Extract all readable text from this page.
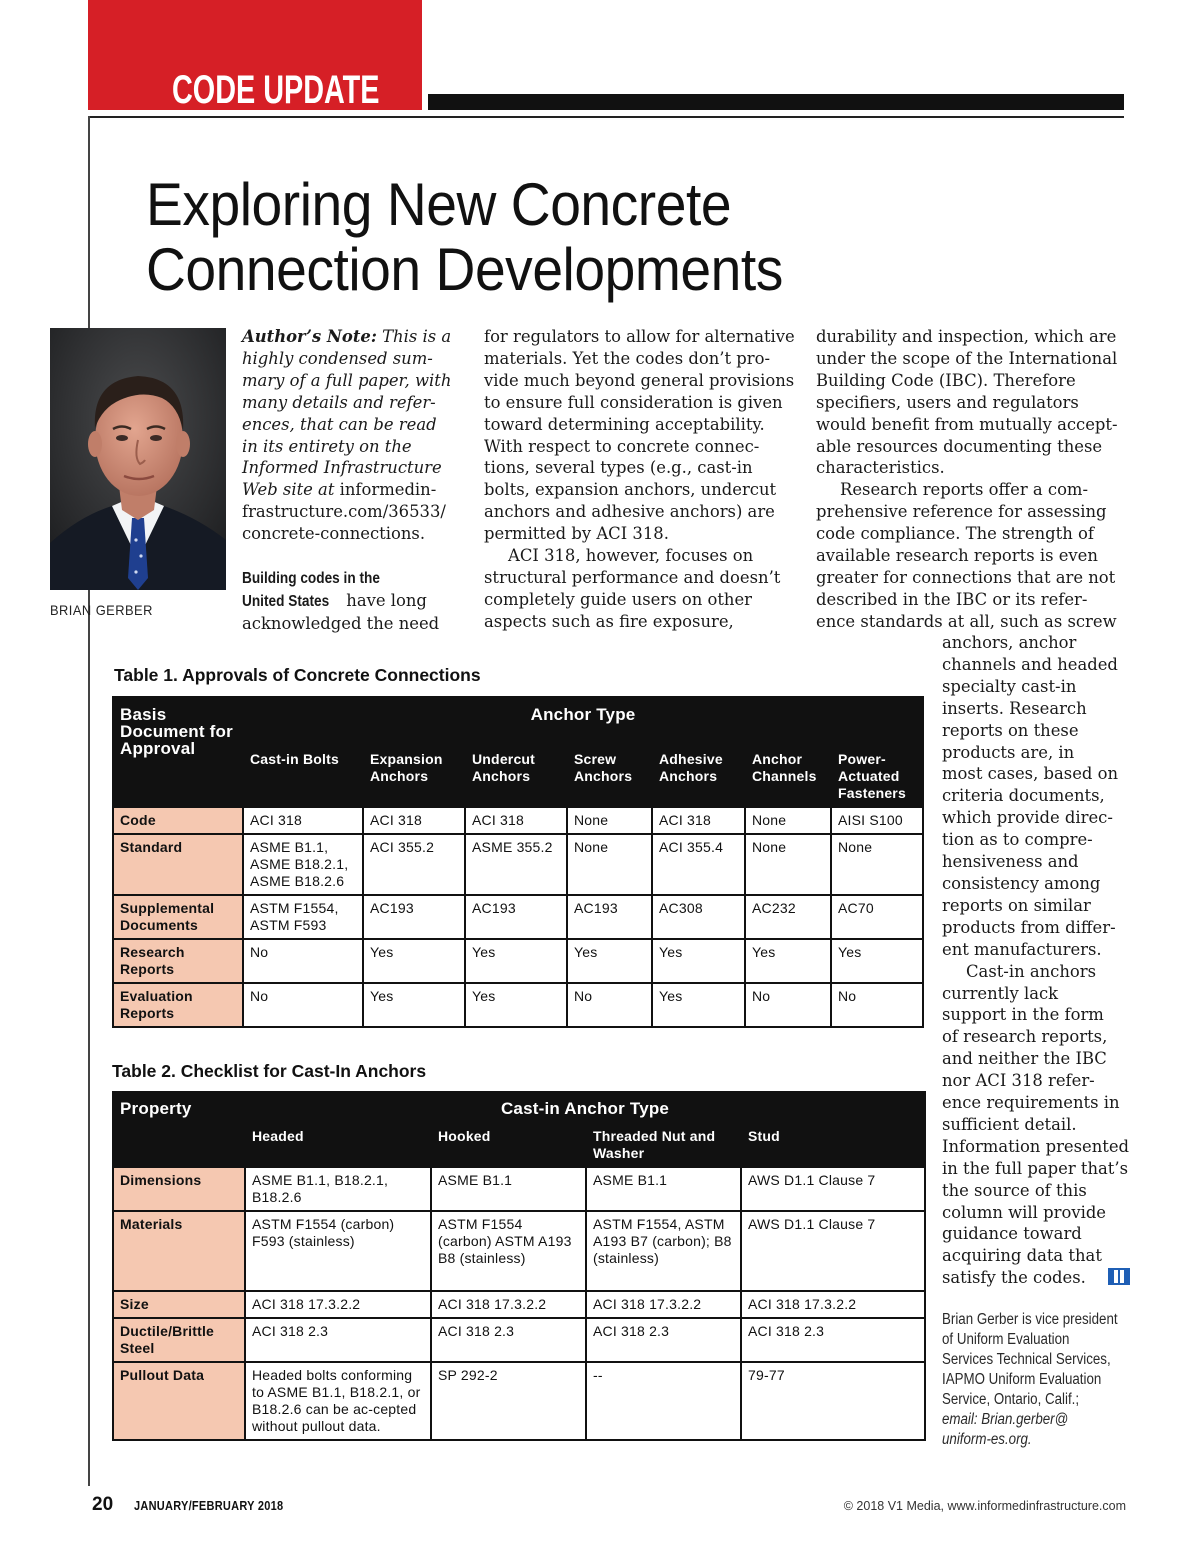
CODE UPDATE
Exploring New Concrete
Connection Developments
BRIAN GERBER
Author’s Note: This is a
highly condensed sum-
mary of a full paper, with
many details and refer-
ences, that can be read
in its entirety on the
Informed Infrastructure
Web site at informedin-
frastructure.com/36533/
concrete-connections.
Building codes in the
United States have long
acknowledged the need
for regulators to allow for alternative
materials. Yet the codes don’t pro-
vide much beyond general provisions
to ensure full consideration is given
toward determining acceptability.
With respect to concrete connec-
tions, several types (e.g., cast-in
bolts, expansion anchors, undercut
anchors and adhesive anchors) are
permitted by ACI 318.
ACI 318, however, focuses on
structural performance and doesn’t
completely guide users on other
aspects such as fire exposure,
durability and inspection, which are
under the scope of the International
Building Code (IBC). Therefore
specifiers, users and regulators
would benefit from mutually accept-
able resources documenting these
characteristics.
Research reports offer a com-
prehensive reference for assessing
code compliance. The strength of
available research reports is even
greater for connections that are not
described in the IBC or its refer-
ence standards at all, such as screw
anchors, anchor
channels and headed
specialty cast-in
inserts. Research
reports on these
products are, in
most cases, based on
criteria documents,
which provide direc-
tion as to compre-
hensiveness and
consistency among
reports on similar
products from differ-
ent manufacturers.
Cast-in anchors
currently lack
support in the form
of research reports,
and neither the IBC
nor ACI 318 refer-
ence requirements in
sufficient detail.
Information presented
in the full paper that’s
the source of this
column will provide
guidance toward
acquiring data that
satisfy the codes.
Brian Gerber is vice president
of Uniform Evaluation
Services Technical Services,
IAPMO Uniform Evaluation
Service, Ontario, Calif.;
email: Brian.gerber@
uniform-es.org.
Table 1. Approvals of Concrete Connections
Basis Document for Approval	Anchor Type						
	Cast-in Bolts	Expansion Anchors	Undercut Anchors	Screw Anchors	Adhesive Anchors	Anchor Channels	Power-Actuated Fasteners
Code	ACI 318	ACI 318	ACI 318	None	ACI 318	None	AISI S100
Standard	ASME B1.1, ASME B18.2.1, ASME B18.2.6	ACI 355.2	ASME 355.2	None	ACI 355.4	None	None
Supplemental Documents	ASTM F1554, ASTM F593	AC193	AC193	AC193	AC308	AC232	AC70
Research Reports	No	Yes	Yes	Yes	Yes	Yes	Yes
Evaluation Reports	No	Yes	Yes	No	Yes	No	No
Table 2. Checklist for Cast-In Anchors
Property	Cast-in Anchor Type			
	Headed	Hooked	Threaded Nut and Washer	Stud
Dimensions	ASME B1.1, B18.2.1, B18.2.6	ASME B1.1	ASME B1.1	AWS D1.1 Clause 7
Materials	ASTM F1554 (carbon) F593 (stainless)	ASTM F1554 (carbon) ASTM A193 B8 (stainless)	ASTM F1554, ASTM A193 B7 (carbon); B8 (stainless)	AWS D1.1 Clause 7
Size	ACI 318 17.3.2.2	ACI 318 17.3.2.2	ACI 318 17.3.2.2	ACI 318 17.3.2.2
Ductile/Brittle Steel	ACI 318 2.3	ACI 318 2.3	ACI 318 2.3	ACI 318 2.3
Pullout Data	Headed bolts conforming to ASME B1.1, B18.2.1, or B18.2.6 can be ac-cepted without pullout data.	SP 292-2	--	79-77
20 JANUARY/FEBRUARY 2018	© 2018 V1 Media, www.informedinfrastructure.com
